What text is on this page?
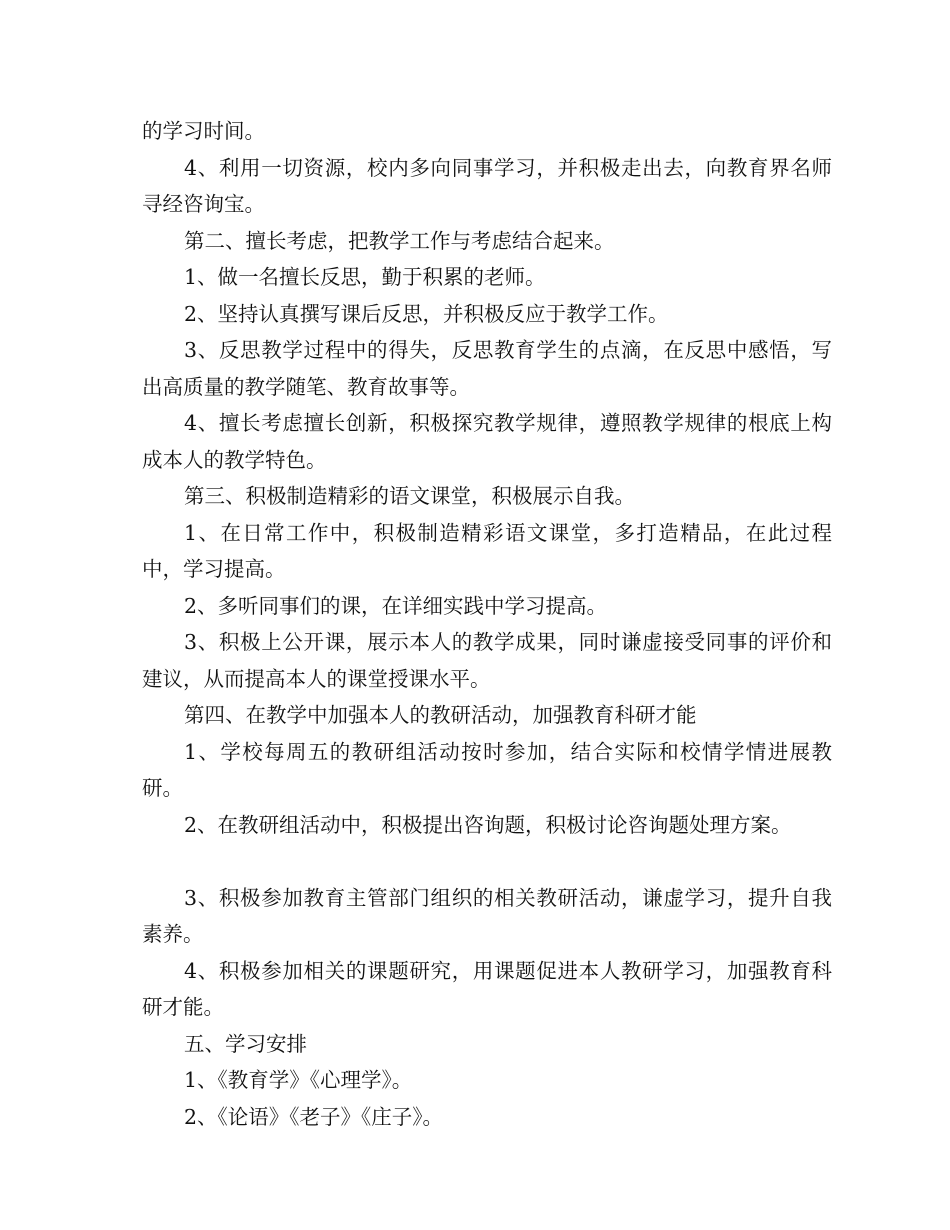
的学习时间。

4、利用一切资源，校内多向同事学习，并积极走出去，向教育界名师寻经咨询宝。

第二、擅长考虑，把教学工作与考虑结合起来。

1、做一名擅长反思，勤于积累的老师。

2、坚持认真撰写课后反思，并积极反应于教学工作。

3、反思教学过程中的得失，反思教育学生的点滴，在反思中感悟，写出高质量的教学随笔、教育故事等。

4、擅长考虑擅长创新，积极探究教学规律，遵照教学规律的根底上构成本人的教学特色。

第三、积极制造精彩的语文课堂，积极展示自我。

1、在日常工作中，积极制造精彩语文课堂，多打造精品，在此过程中，学习提高。

2、多听同事们的课，在详细实践中学习提高。

3、积极上公开课，展示本人的教学成果，同时谦虚接受同事的评价和建议，从而提高本人的课堂授课水平。

第四、在教学中加强本人的教研活动，加强教育科研才能

1、学校每周五的教研组活动按时参加，结合实际和校情学情进展教研。

2、在教研组活动中，积极提出咨询题，积极讨论咨询题处理方案。

3、积极参加教育主管部门组织的相关教研活动，谦虚学习，提升自我素养。

4、积极参加相关的课题研究，用课题促进本人教研学习，加强教育科研才能。

五、学习安排

1、《教育学》《心理学》。

2、《论语》《老子》《庄子》。
